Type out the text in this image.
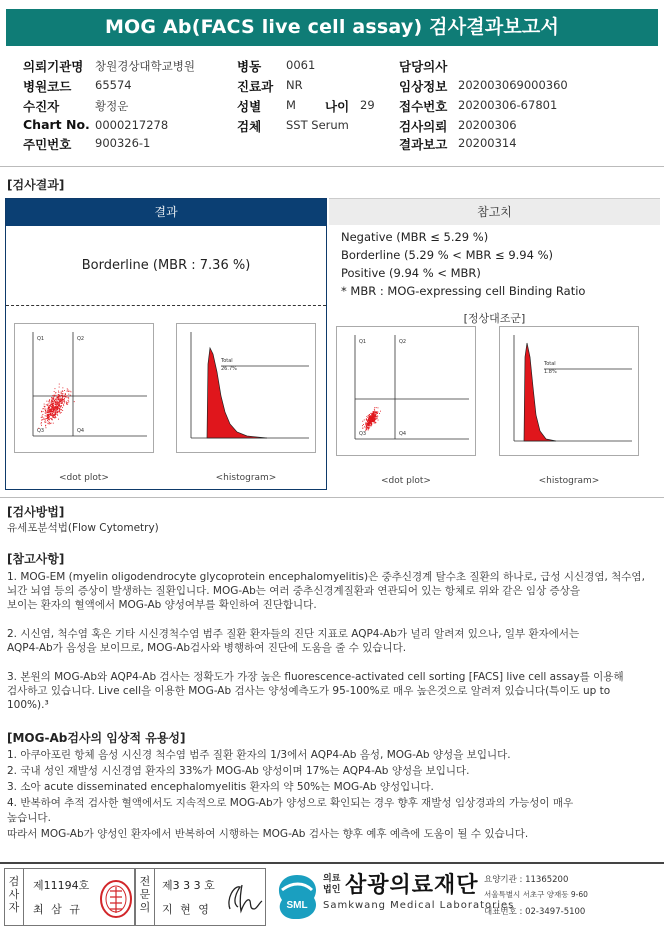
MOG Ab(FACS live cell assay) 검사결과보고서
의뢰기관명 창원경상대학교병원
병원코드 65574
수진자	황정운
Chart No. 0000217278
주민번호 900326-1
병동 0061
진료과 NR
성별 M 나이 29
검체 SST Serum
담당의사
임상정보 202003069000360
접수번호 20200306-67801
검사의뢰 20200306
결과보고 20200314
[검사결과]
결과
Borderline (MBR : 7.36 %)
Q1	Q2
Q3	Q4
<dot plot>
Total
26.7%
<histogram>
참고치
Negative (MBR ≤ 5.29 %)
Borderline (5.29 % < MBR ≤ 9.94 %)
Positive (9.94 % < MBR)
* MBR : MOG-expressing cell Binding Ratio
[정상대조군]
Q1	Q2
Q3	Q4
<dot plot>
Total
1.8%
<histogram>
[검사방법]
유세포분석법(Flow Cytometry)
[참고사항]
1. MOG-EM (myelin oligodendrocyte glycoprotein encephalomyelitis)은 중추신경계 탈수초 질환의 하나로, 급성 시신경염, 척수염,
뇌간 뇌염 등의 증상이 발생하는 질환입니다. MOG-Ab는 여러 중추신경계질환과 연관되어 있는 항체로 위와 같은 임상 증상을
보이는 환자의 혈액에서 MOG-Ab 양성여부를 확인하여 진단합니다.
2. 시신염, 척수염 혹은 기타 시신경척수염 범주 질환 환자들의 진단 지표로 AQP4-Ab가 널리 알려져 있으나, 일부 환자에서는
AQP4-Ab가 음성을 보이므로, MOG-Ab검사와 병행하여 진단에 도움을 줄 수 있습니다.
3. 본원의 MOG-Ab와 AQP4-Ab 검사는 정확도가 가장 높은 fluorescence-activated cell sorting [FACS] live cell assay를 이용해
검사하고 있습니다. Live cell을 이용한 MOG-Ab 검사는 양성예측도가 95-100%로 매우 높은것으로 알려져 있습니다(특이도 up to
100%).³
[MOG-Ab검사의 임상적 유용성]
1. 아쿠아포린 항체 음성 시신경 척수염 범주 질환 환자의 1/3에서 AQP4-Ab 음성, MOG-Ab 양성을 보입니다.
2. 국내 성인 재발성 시신경염 환자의 33%가 MOG-Ab 양성이며 17%는 AQP4-Ab 양성을 보입니다.
3. 소아 acute disseminated encephalomyelitis 환자의 약 50%는 MOG-Ab 양성입니다.
4. 반복하여 추적 검사한 혈액에서도 지속적으로 MOG-Ab가 양성으로 확인되는 경우 향후 재발성 임상경과의 가능성이 매우
높습니다.
따라서 MOG-Ab가 양성인 환자에서 반복하여 시행하는 MOG-Ab 검사는 향후 예후 예측에 도움이 될 수 있습니다.
검
사
자
제11194호
최 삼 규
전
문
의
제3 3 3 호
지 현 영	SML
의료
법인 삼광의료재단
Samkwang Medical Laboratories
요양기관 : 11365200
서울특별시 서초구 양재동 9-60
대표번호 : 02-3497-5100
